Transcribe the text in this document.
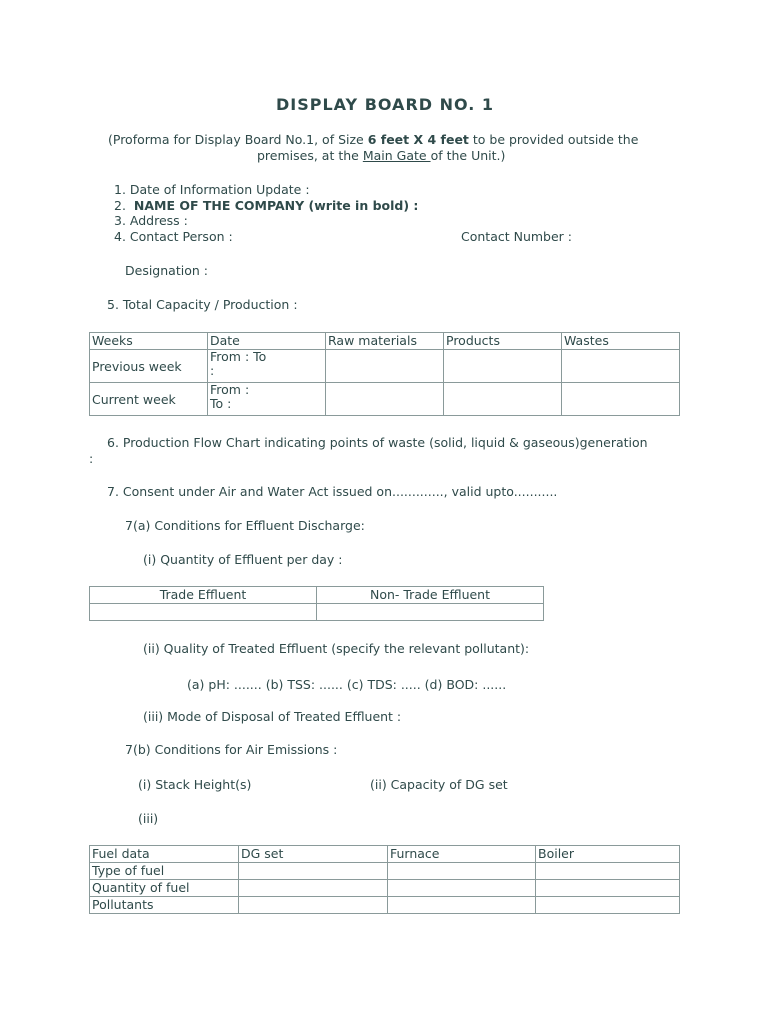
DISPLAY BOARD NO. 1
(Proforma for Display Board No.1, of Size 6 feet X 4 feet to be provided outside the
premises, at the Main Gate of the Unit.)
1. Date of Information Update :
2. NAME OF THE COMPANY (write in bold) :
3. Address :
4. Contact Person :	Contact Number :
Designation :
5. Total Capacity / Production :
Weeks	Date	Raw materials	Products	Wastes
Previous week	From : To
:			

Current week	From :
To :			

6. Production Flow Chart indicating points of waste (solid, liquid & gaseous)generation
:
7. Consent under Air and Water Act issued on............., valid upto...........
7(a) Conditions for Effluent Discharge:
(i) Quantity of Effluent per day :
Trade Effluent	Non- Trade Effluent

(ii) Quality of Treated Effluent (specify the relevant pollutant):
(a) pH: ....... (b) TSS: ...... (c) TDS: ..... (d) BOD: ......
(iii) Mode of Disposal of Treated Effluent :
7(b) Conditions for Air Emissions :
(i) Stack Height(s)	(ii) Capacity of DG set
(iii)
Fuel data	DG set	Furnace	Boiler
Type of fuel			
Quantity of fuel			
Pollutants			
